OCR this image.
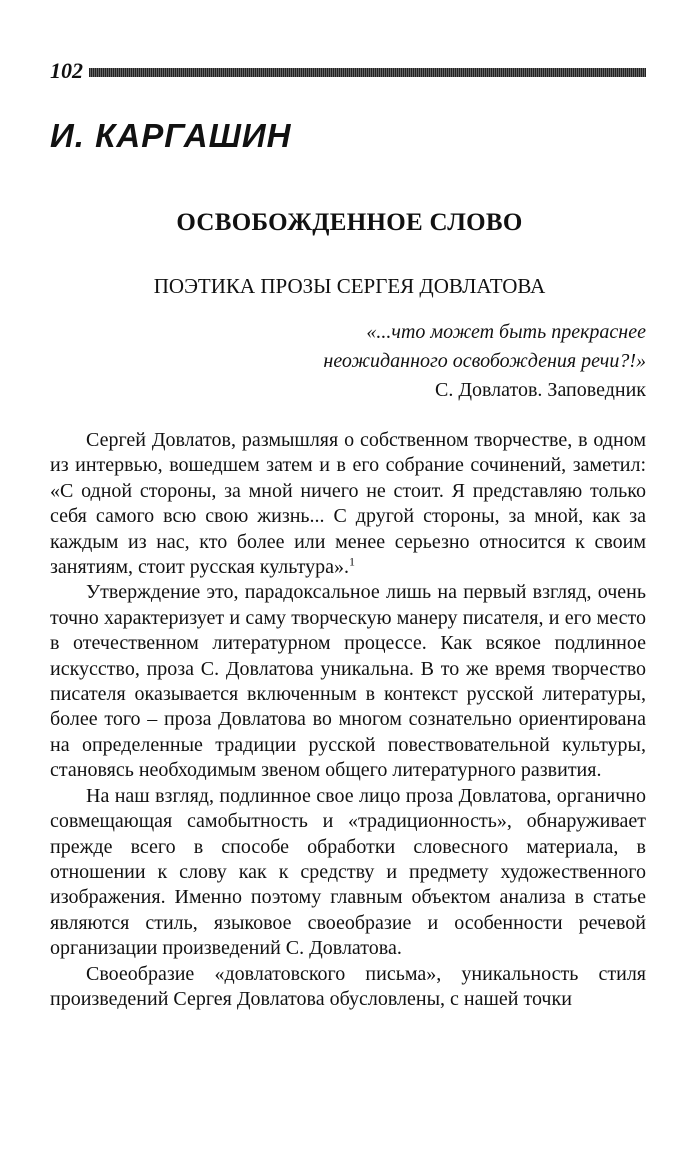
102
И. КАРГАШИН
ОСВОБОЖДЕННОЕ СЛОВО
ПОЭТИКА ПРОЗЫ СЕРГЕЯ ДОВЛАТОВА
«...что может быть прекраснее
неожиданного освобождения речи?!»
С. Довлатов. Заповедник

Сергей Довлатов, размышляя о собственном творчестве, в одном из интервью, вошедшем затем и в его собрание сочинений, заметил: «С одной стороны, за мной ничего не стоит. Я представляю только себя самого всю свою жизнь... С другой стороны, за мной, как за каждым из нас, кто более или менее серьезно относится к своим занятиям, стоит русская культура».$^1$

Утверждение это, парадоксальное лишь на первый взгляд, очень точно характеризует и саму творческую манеру писателя, и его место в отечественном литературном процессе. Как всякое подлинное искусство, проза С. Довлатова уникальна. В то же время творчество писателя оказывается включенным в контекст русской литературы, более того – проза Довлатова во многом сознательно ориентирована на определенные традиции русской повествовательной культуры, становясь необходимым звеном общего литературного развития.

На наш взгляд, подлинное свое лицо проза Довлатова, органично совмещающая самобытность и «традиционность», обнаруживает прежде всего в способе обработки словесного материала, в отношении к слову как к средству и предмету художественного изображения. Именно поэтому главным объектом анализа в статье являются стиль, языковое своеобразие и особенности речевой организации произведений С. Довлатова.

Своеобразие «довлатовского письма», уникальность стиля произведений Сергея Довлатова обусловлены, с нашей точки
